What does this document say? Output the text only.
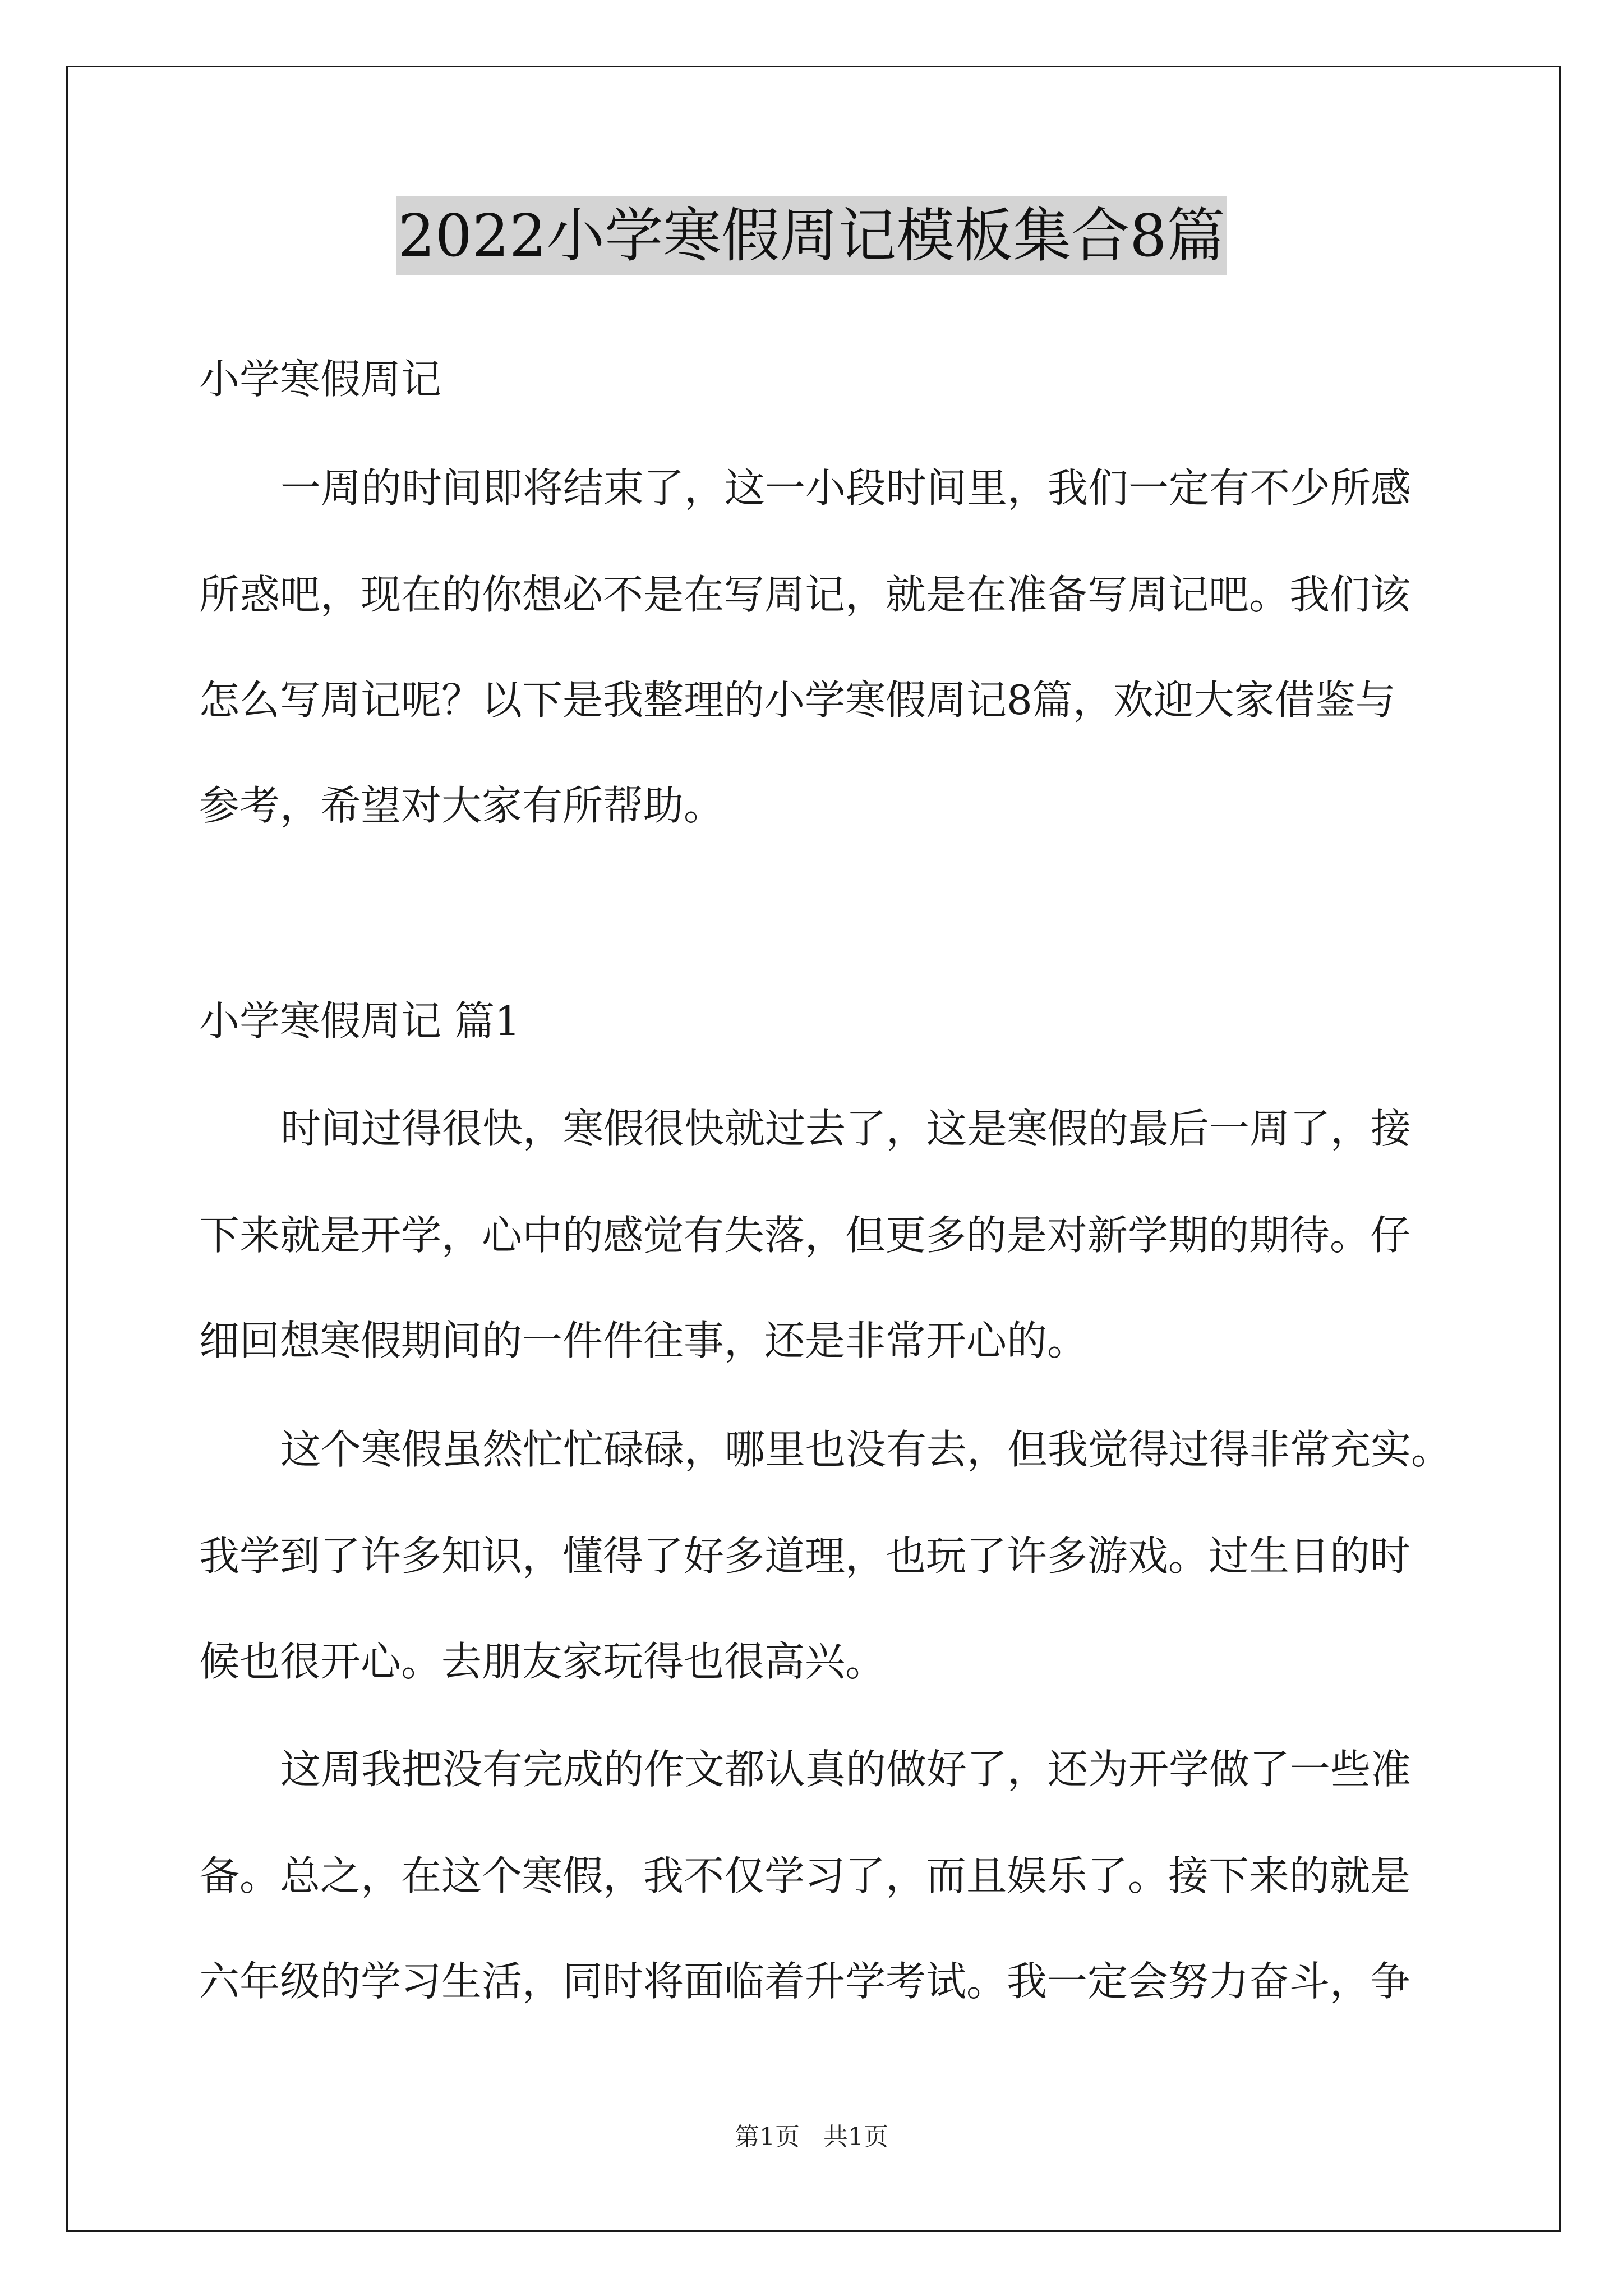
2022小学寒假周记模板集合8篇
小学寒假周记
一周的时间即将结束了，这一小段时间里，我们一定有不少所感
所惑吧，现在的你想必不是在写周记，就是在准备写周记吧。我们该
怎么写周记呢？以下是我整理的小学寒假周记8篇，欢迎大家借鉴与
参考，希望对大家有所帮助。
小学寒假周记 篇1
时间过得很快，寒假很快就过去了，这是寒假的最后一周了，接
下来就是开学，心中的感觉有失落，但更多的是对新学期的期待。仔
细回想寒假期间的一件件往事，还是非常开心的。
这个寒假虽然忙忙碌碌，哪里也没有去，但我觉得过得非常充实。
我学到了许多知识，懂得了好多道理，也玩了许多游戏。过生日的时
候也很开心。去朋友家玩得也很高兴。
这周我把没有完成的作文都认真的做好了，还为开学做了一些准
备。总之，在这个寒假，我不仅学习了，而且娱乐了。接下来的就是
六年级的学习生活，同时将面临着升学考试。我一定会努力奋斗，争
第1页   共1页
